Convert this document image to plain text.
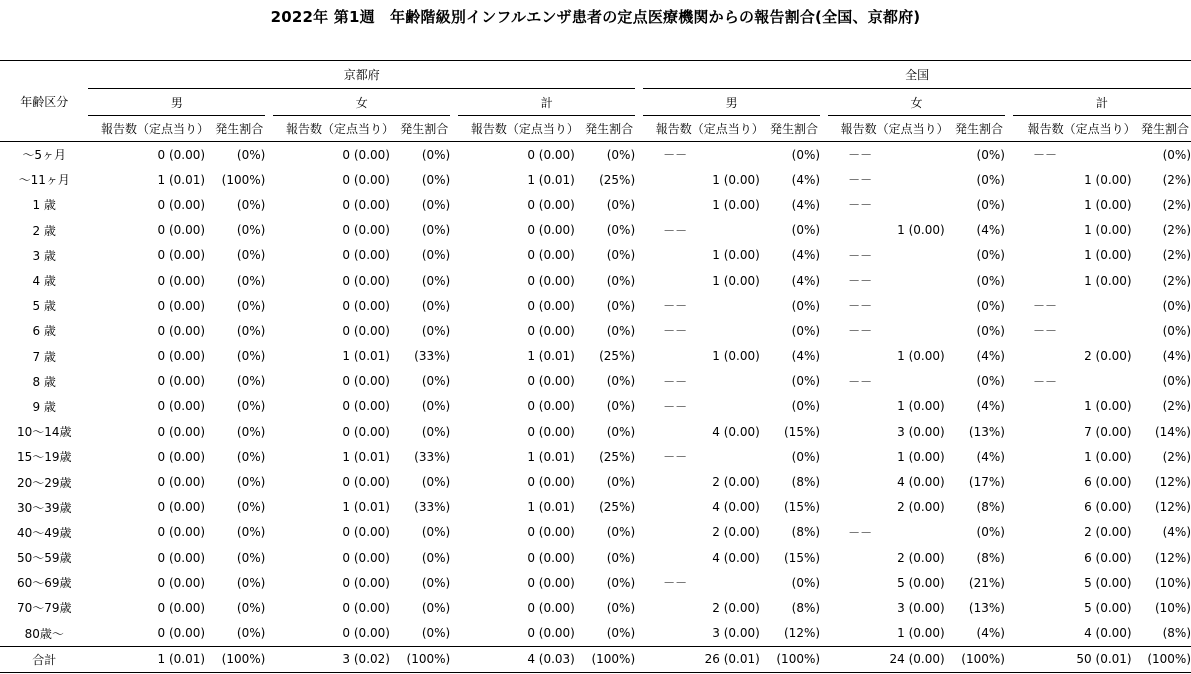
2022年 第1週　年齢階級別インフルエンザ患者の定点医療機関からの報告割合(全国、京都府)
年齢区分	京都府									全国							
	男			女			計			男			女			計	
	報告数（定点当り）	発生割合		報告数（定点当り）	発生割合		報告数（定点当り）	発生割合		報告数（定点当り）	発生割合		報告数（定点当り）	発生割合		報告数（定点当り）	発生割合
～5ヶ月	0 (0.00)	(0%)		0 (0.00)	(0%)		0 (0.00)	(0%)		－－	(0%)		－－	(0%)		－－	(0%)
～11ヶ月	1 (0.01)	(100%)		0 (0.00)	(0%)		1 (0.01)	(25%)		1 (0.00)	(4%)		－－	(0%)		1 (0.00)	(2%)
1 歳	0 (0.00)	(0%)		0 (0.00)	(0%)		0 (0.00)	(0%)		1 (0.00)	(4%)		－－	(0%)		1 (0.00)	(2%)
2 歳	0 (0.00)	(0%)		0 (0.00)	(0%)		0 (0.00)	(0%)		－－	(0%)		1 (0.00)	(4%)		1 (0.00)	(2%)
3 歳	0 (0.00)	(0%)		0 (0.00)	(0%)		0 (0.00)	(0%)		1 (0.00)	(4%)		－－	(0%)		1 (0.00)	(2%)
4 歳	0 (0.00)	(0%)		0 (0.00)	(0%)		0 (0.00)	(0%)		1 (0.00)	(4%)		－－	(0%)		1 (0.00)	(2%)
5 歳	0 (0.00)	(0%)		0 (0.00)	(0%)		0 (0.00)	(0%)		－－	(0%)		－－	(0%)		－－	(0%)
6 歳	0 (0.00)	(0%)		0 (0.00)	(0%)		0 (0.00)	(0%)		－－	(0%)		－－	(0%)		－－	(0%)
7 歳	0 (0.00)	(0%)		1 (0.01)	(33%)		1 (0.01)	(25%)		1 (0.00)	(4%)		1 (0.00)	(4%)		2 (0.00)	(4%)
8 歳	0 (0.00)	(0%)		0 (0.00)	(0%)		0 (0.00)	(0%)		－－	(0%)		－－	(0%)		－－	(0%)
9 歳	0 (0.00)	(0%)		0 (0.00)	(0%)		0 (0.00)	(0%)		－－	(0%)		1 (0.00)	(4%)		1 (0.00)	(2%)
10～14歳	0 (0.00)	(0%)		0 (0.00)	(0%)		0 (0.00)	(0%)		4 (0.00)	(15%)		3 (0.00)	(13%)		7 (0.00)	(14%)
15～19歳	0 (0.00)	(0%)		1 (0.01)	(33%)		1 (0.01)	(25%)		－－	(0%)		1 (0.00)	(4%)		1 (0.00)	(2%)
20～29歳	0 (0.00)	(0%)		0 (0.00)	(0%)		0 (0.00)	(0%)		2 (0.00)	(8%)		4 (0.00)	(17%)		6 (0.00)	(12%)
30～39歳	0 (0.00)	(0%)		1 (0.01)	(33%)		1 (0.01)	(25%)		4 (0.00)	(15%)		2 (0.00)	(8%)		6 (0.00)	(12%)
40～49歳	0 (0.00)	(0%)		0 (0.00)	(0%)		0 (0.00)	(0%)		2 (0.00)	(8%)		－－	(0%)		2 (0.00)	(4%)
50～59歳	0 (0.00)	(0%)		0 (0.00)	(0%)		0 (0.00)	(0%)		4 (0.00)	(15%)		2 (0.00)	(8%)		6 (0.00)	(12%)
60～69歳	0 (0.00)	(0%)		0 (0.00)	(0%)		0 (0.00)	(0%)		－－	(0%)		5 (0.00)	(21%)		5 (0.00)	(10%)
70～79歳	0 (0.00)	(0%)		0 (0.00)	(0%)		0 (0.00)	(0%)		2 (0.00)	(8%)		3 (0.00)	(13%)		5 (0.00)	(10%)
80歳～	0 (0.00)	(0%)		0 (0.00)	(0%)		0 (0.00)	(0%)		3 (0.00)	(12%)		1 (0.00)	(4%)		4 (0.00)	(8%)
合計	1 (0.01)	(100%)		3 (0.02)	(100%)		4 (0.03)	(100%)		26 (0.01)	(100%)		24 (0.00)	(100%)		50 (0.01)	(100%)
